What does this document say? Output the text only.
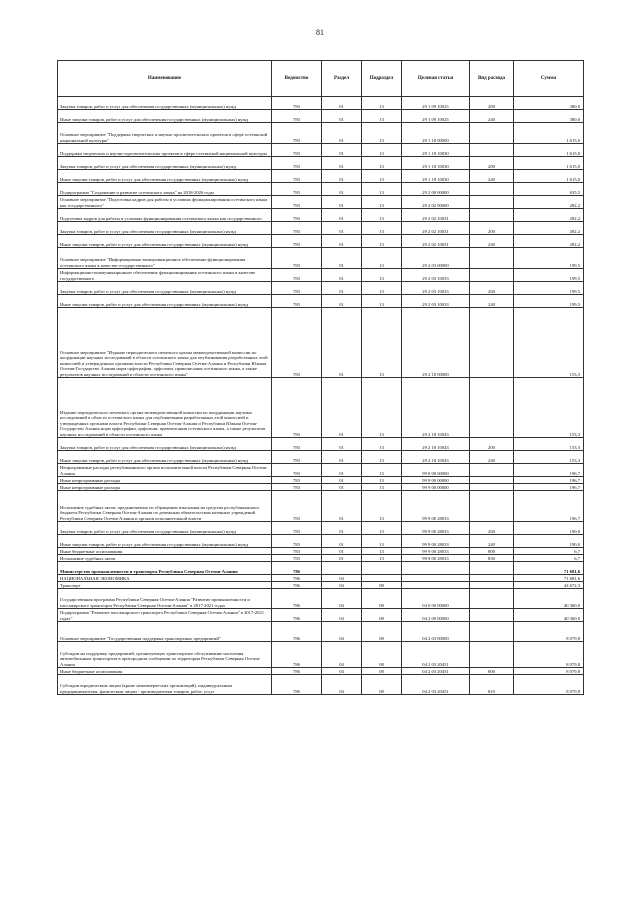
81
Наименование	Ведомство	Раздел	Подраздел	Целевая статья	Вид расхода	Сумма
Закупка товаров, работ и услуг для обеспечения государственных (муниципальных) нужд	783	01	13	29 1 09 10025	200	380,0
Иные закупки товаров, работ и услуг для обеспечения государственных (муниципальных) нужд	783	01	13	29 1 09 10025	240	380,0
Основное мероприятие "Поддержка творческих и научно-просветительских проектов в сфере осетинской национальной культуры"	783	01	13	29 1 18 00000		1 615,0
Поддержка творческих и научно-просветительских проектов в сфере осетинской национальной культуры	783	01	13	29 1 18 10030		1 615,0
Закупка товаров, работ и услуг для обеспечения государственных (муниципальных) нужд	783	01	13	29 1 18 10030	200	1 615,0
Иные закупки товаров, работ и услуг для обеспечения государственных (муниципальных) нужд	783	01	13	29 1 18 10030	240	1 615,0
Подпрограмма "Сохранение и развитие осетинского языка" на 2018-2026 годы	783	01	13	29 2 00 00000		635,5
Основное мероприятие "Подготовка кадров для работы в условиях функционирования осетинского языка как государственного"	783	01	13	29 2 02 00000		282,2
Подготовка кадров для работы в условиях функционирования осетинского языка как государственного	783	01	13	29 2 02 10031		282,2
Закупка товаров, работ и услуг для обеспечения государственных (муниципальных) нужд	783	01	13	29 2 02 10031	200	282,2
Иные закупки товаров, работ и услуг для обеспечения государственных (муниципальных) нужд	783	01	13	29 2 02 10031	240	282,2
Основное мероприятие "Информационно-коммуникационное обеспечение функционирования осетинского языка в качестве государственного"	783	01	13	29 2 03 00000		199,5
Информационно-коммуникационное обеспечение функционирования осетинского языка в качестве государственного	783	01	13	29 2 03 10033		199,5
Закупка товаров, работ и услуг для обеспечения государственных (муниципальных) нужд	783	01	13	29 2 03 10033	200	199,5
Иные закупки товаров, работ и услуг для обеспечения государственных (муниципальных) нужд	783	01	13	29 2 03 10033	240	199,5
Основное мероприятие "Издание периодического печатного органа межведомственной комиссии по координации научных исследований в области осетинского языка для опубликования разработанных этой комиссией и утвержденных органами власти Республики Северная Осетия-Алания и Республики Южная Осетия-Государство Алания норм орфографии, орфоэпии, правописания осетинского языка, а также результатов научных исследований в области осетинского языка"	783	01	13	29 2 18 00000		153,3
Издание периодического печатного органа межведомственной комиссии по координации научных исследований в области осетинского языка для опубликования разработанных этой комиссией и утвержденных органами власти Республики Северная Осетия-Алания и Республики Южная Осетия-Государство Алания норм орфографии, орфоэпии, правописания осетинского языка, а также результатов научных исследований в области осетинского языка	783	01	13	29 2 18 10043		153,3
Закупка товаров, работ и услуг для обеспечения государственных (муниципальных) нужд	783	01	13	29 2 18 10043	200	153,3
Иные закупки товаров, работ и услуг для обеспечения государственных (муниципальных) нужд	783	01	13	29 2 18 10043	240	153,3
Непрограммные расходы республиканского органа исполнительной власти Республики Северная Осетия-Алания	783	01	13	99 0 00 00000		196,7
Иные непрограммные расходы	783	01	13	99 9 00 00000		196,7
Иные непрограммные расходы	783	01	13	99 9 00 00000		196,7
Исполнение судебных актов, предъявляемых по обращению взыскания на средства республиканского бюджета Республики Северная Осетия-Алания по денежным обязательствам казенных учреждений Республики Северная Осетия-Алания и органов исполнительной власти	783	01	13	99 9 00 28033		196,7
Закупка товаров, работ и услуг для обеспечения государственных (муниципальных) нужд	783	01	13	99 9 00 28033	200	190,0
Иные закупки товаров, работ и услуг для обеспечения государственных (муниципальных) нужд	783	01	13	99 9 00 28033	240	190,0
Иные бюджетные ассигнования	783	01	13	99 9 00 28033	800	6,7
Исполнение судебных актов	783	01	13	99 9 00 28033	830	6,7
Министерство промышленности и транспорта Республики Северная Осетия-Алания	786					71 681,6
НАЦИОНАЛЬНАЯ ЭКОНОМИКА	786	04				71 681,6
Транспорт	786	04	08			44 672,3
Государственная программа Республики Северная Осетия-Алания "Развитие промышленности и пассажирского транспорта Республики Северная Осетия-Алания" в 2017-2021 годах	786	04	08	04 0 00 00000		40 360,0
Подпрограмма "Развитие пассажирского транспорта Республики Северная Осетия-Алания" в 2017-2021 годах"	786	04	08	04 2 00 00000		40 360,0
Основное мероприятие "Государственная поддержка транспортных предприятий"	786	04	08	04 2 03 00000		8 079,8
Субсидии на поддержку предприятий, организующих транспортное обслуживание населения автомобильным транспортом в пригородном сообщении по территории Республики Северная Осетия-Алания	786	04	08	04 2 03 20451		8 079,8
Иные бюджетные ассигнования	786	04	08	04 2 03 20451	800	8 079,8
Субсидии юридическим лицам (кроме некоммерческих организаций), индивидуальным предпринимателям, физическим лицам - производителям товаров, работ, услуг	786	04	08	04 2 03 20451	810	8 079,8
